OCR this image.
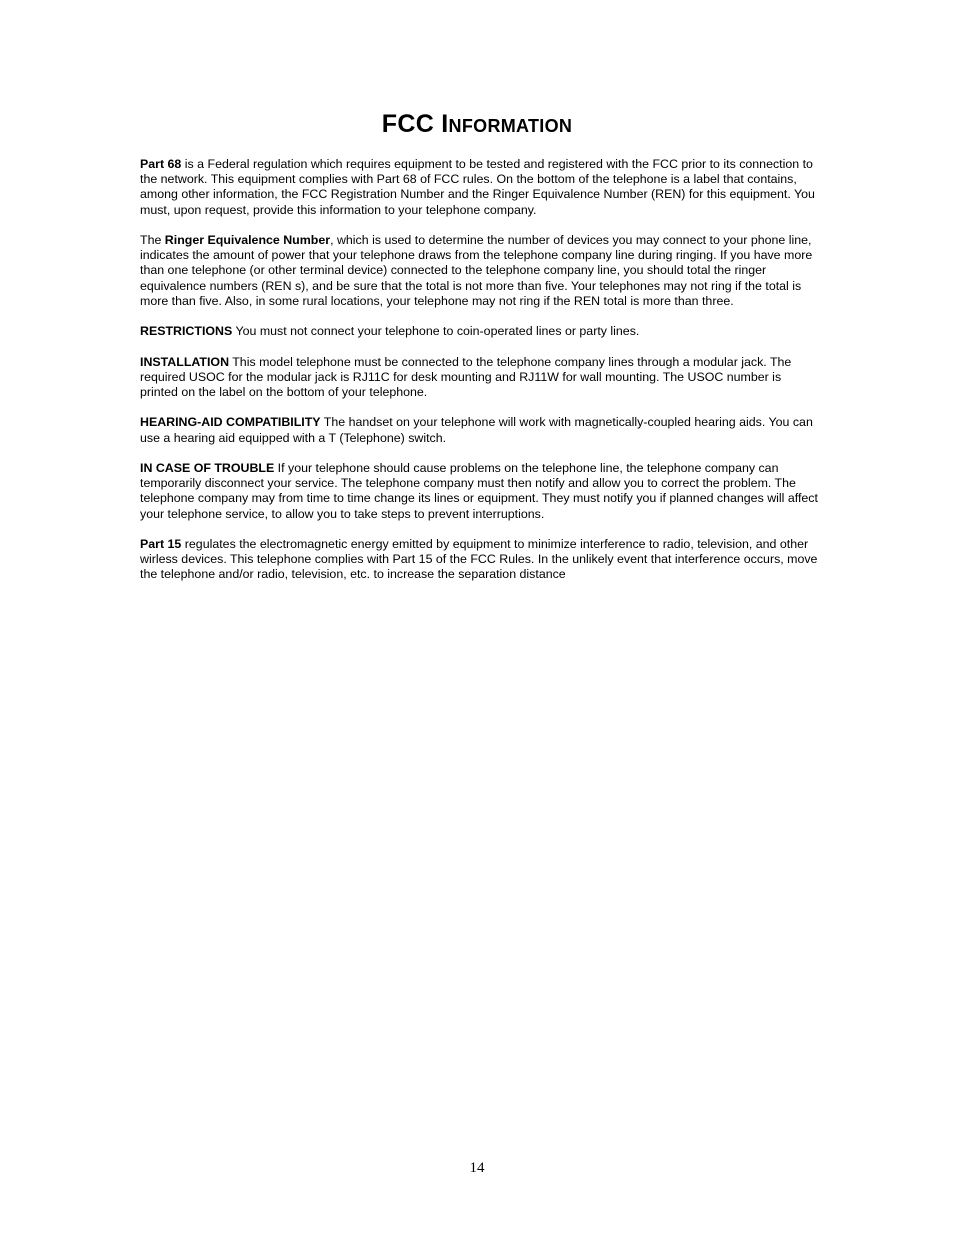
FCC Information

Part 68 is a Federal regulation which requires equipment to be tested and registered with the FCC prior to its connection to the network. This equipment complies with Part 68 of FCC rules. On the bottom of the telephone is a label that contains, among other information, the FCC Registration Number and the Ringer Equivalence Number (REN) for this equipment. You must, upon request, provide this information to your telephone company.

The Ringer Equivalence Number, which is used to determine the number of devices you may connect to your phone line, indicates the amount of power that your telephone draws from the telephone company line during ringing. If you have more than one telephone (or other terminal device) connected to the telephone company line, you should total the ringer equivalence numbers (REN s), and be sure that the total is not more than five. Your telephones may not ring if the total is more than five. Also, in some rural locations, your telephone may not ring if the REN total is more than three.

RESTRICTIONS You must not connect your telephone to coin-operated lines or party lines.

INSTALLATION This model telephone must be connected to the telephone company lines through a modular jack. The required USOC for the modular jack is RJ11C for desk mounting and RJ11W for wall mounting. The USOC number is printed on the label on the bottom of your telephone.

HEARING-AID COMPATIBILITY The handset on your telephone will work with magnetically-coupled hearing aids. You can use a hearing aid equipped with a T (Telephone) switch.

IN CASE OF TROUBLE If your telephone should cause problems on the telephone line, the telephone company can temporarily disconnect your service. The telephone company must then notify and allow you to correct the problem. The telephone company may from time to time change its lines or equipment. They must notify you if planned changes will affect your telephone service, to allow you to take steps to prevent interruptions.

Part 15 regulates the electromagnetic energy emitted by equipment to minimize interference to radio, television, and other wirless devices. This telephone complies with Part 15 of the FCC Rules. In the unlikely event that interference occurs, move the telephone and/or radio, television, etc. to increase the separation distance

14
